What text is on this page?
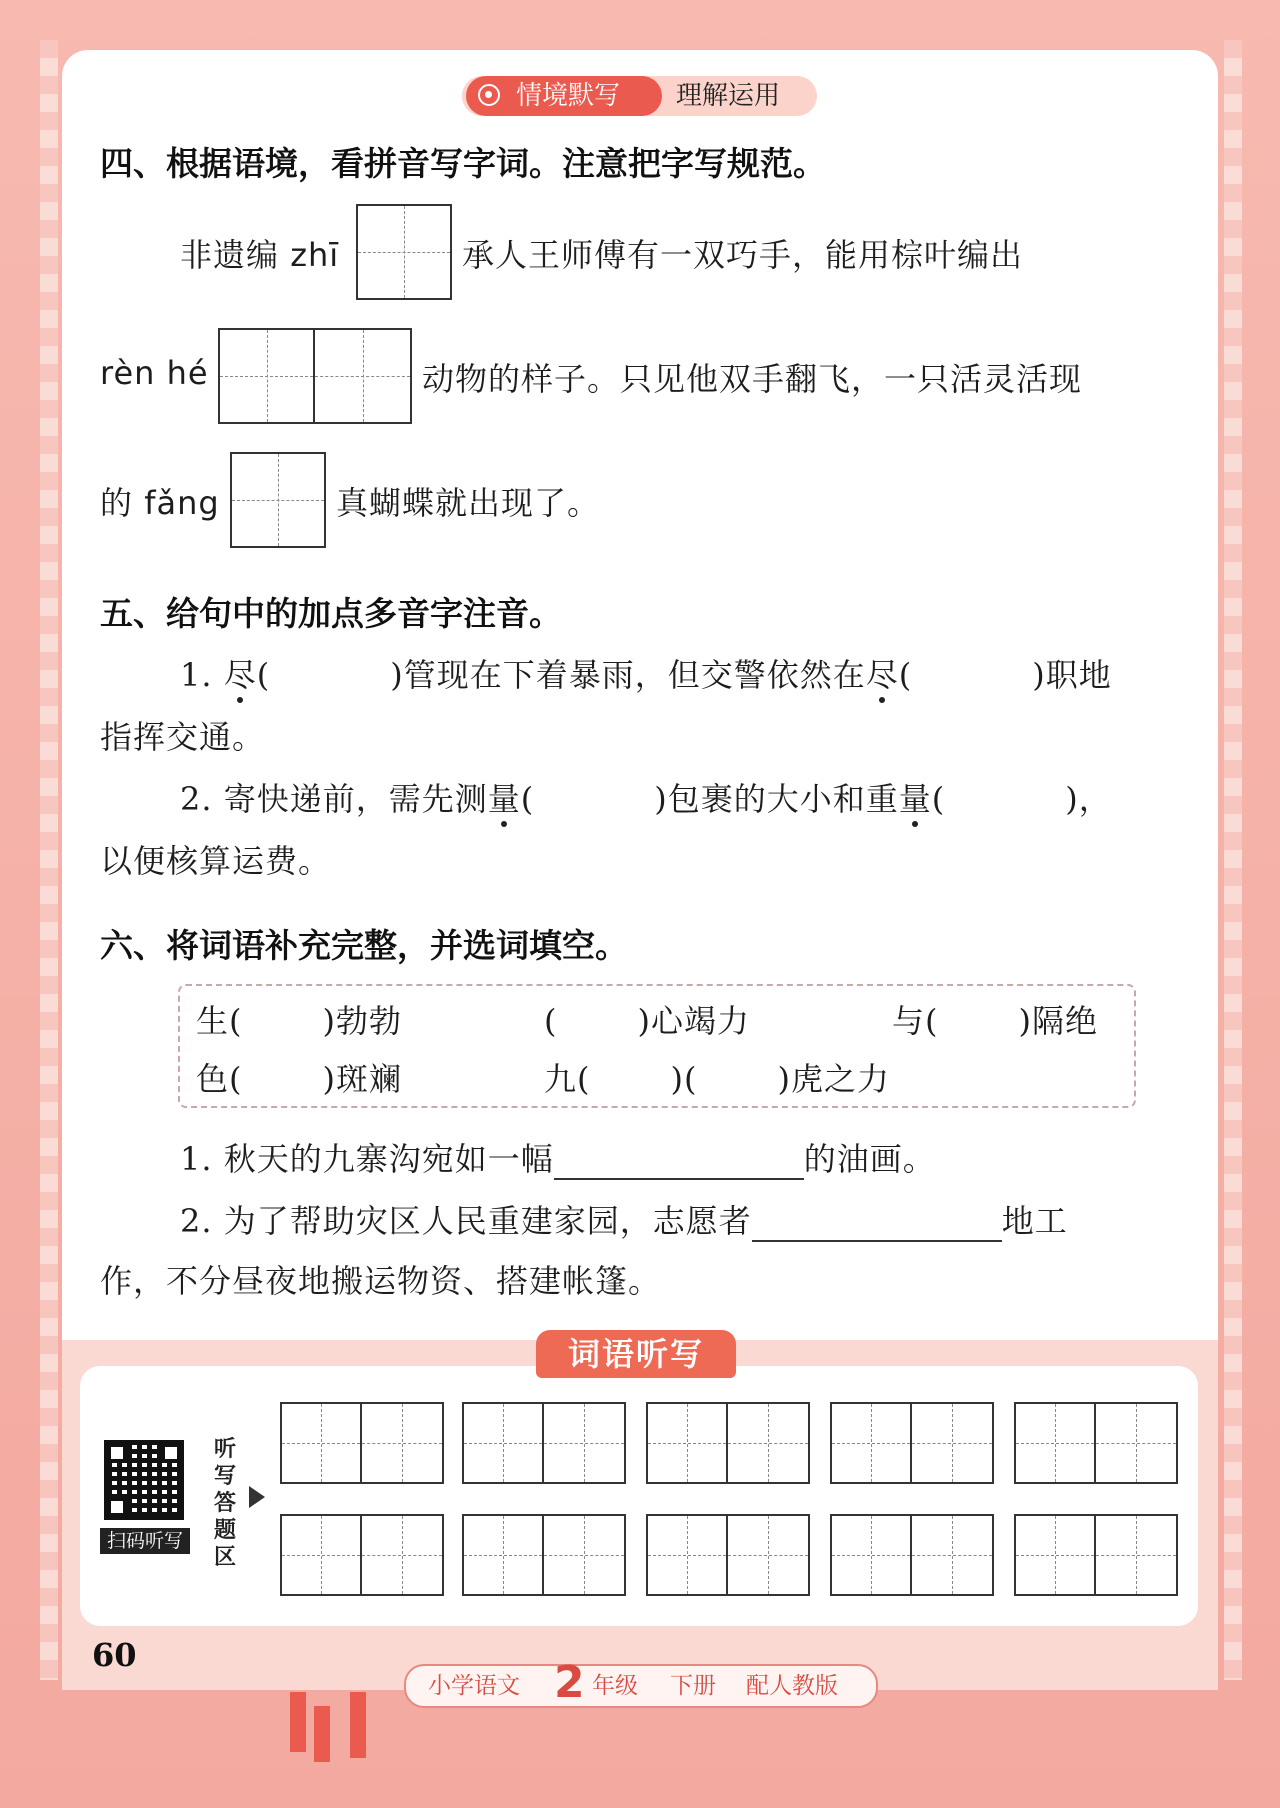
情境默写 理解运用
四、根据语境，看拼音写字词。注意把字写规范。
非遗编 zhī	承人王师傅有一双巧手，能用棕叶编出
rèn hé	动物的样子。只见他双手翻飞，一只活灵活现
的 fǎng	真蝴蝶就出现了。
五、给句中的加点多音字注音。
1. 尽(	)管现在下着暴雨，但交警依然在尽(	)职地
指挥交通。
2. 寄快递前，需先测量(	)包裹的大小和重量(	)，
以便核算运费。
六、将词语补充完整，并选词填空。
生(	)勃勃	(	)心竭力	与(	)隔绝
色(	)斑斓	九(	)(	)虎之力
1. 秋天的九寨沟宛如一幅	的油画。
2. 为了帮助灾区人民重建家园，志愿者	地工
作，不分昼夜地搬运物资、搭建帐篷。
词语听写
扫码听写
听写答题区
60
小学语文 2 年级 下册 配人教版
